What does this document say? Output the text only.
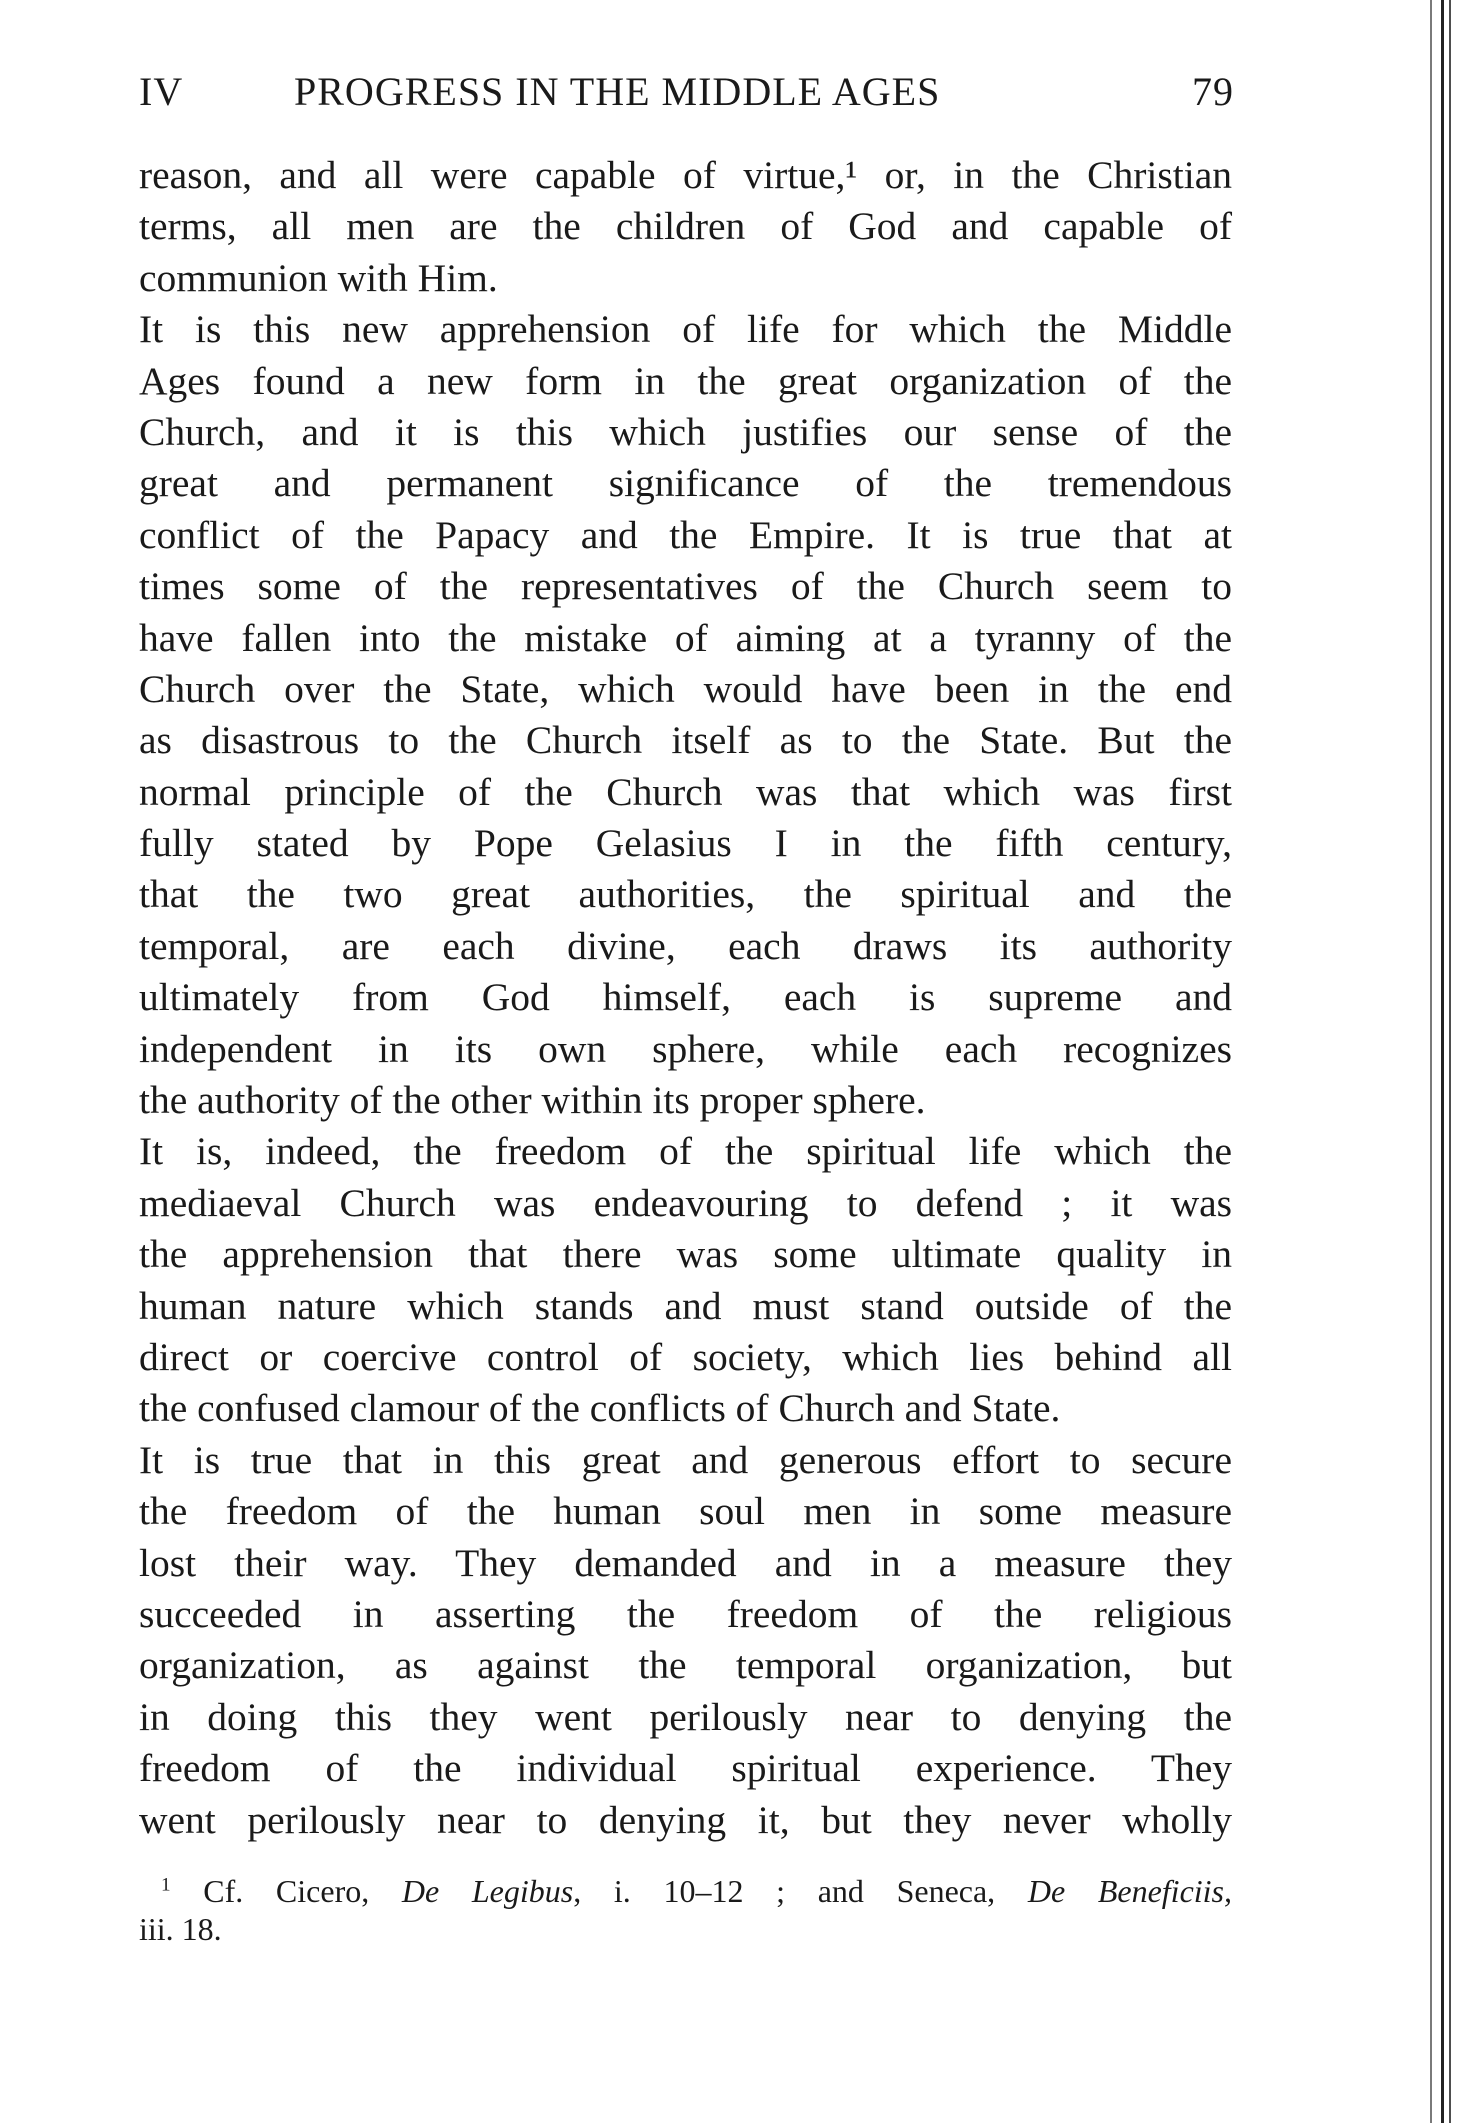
IV	PROGRESS IN THE MIDDLE AGES	79
reason, and all were capable of virtue,¹ or, in the Christian
terms, all men are the children of God and capable of
communion with Him.
It is this new apprehension of life for which the Middle
Ages found a new form in the great organization of the
Church, and it is this which justifies our sense of the
great and permanent significance of the tremendous
conflict of the Papacy and the Empire. It is true that at
times some of the representatives of the Church seem to
have fallen into the mistake of aiming at a tyranny of the
Church over the State, which would have been in the end
as disastrous to the Church itself as to the State. But the
normal principle of the Church was that which was first
fully stated by Pope Gelasius I in the fifth century,
that the two great authorities, the spiritual and the
temporal, are each divine, each draws its authority
ultimately from God himself, each is supreme and
independent in its own sphere, while each recognizes
the authority of the other within its proper sphere.
It is, indeed, the freedom of the spiritual life which the
mediaeval Church was endeavouring to defend ; it was
the apprehension that there was some ultimate quality in
human nature which stands and must stand outside of the
direct or coercive control of society, which lies behind all
the confused clamour of the conflicts of Church and State.
It is true that in this great and generous effort to secure
the freedom of the human soul men in some measure
lost their way. They demanded and in a measure they
succeeded in asserting the freedom of the religious
organization, as against the temporal organization, but
in doing this they went perilously near to denying the
freedom of the individual spiritual experience. They
went perilously near to denying it, but they never wholly
$^1$ Cf. Cicero, De Legibus, i. 10–12 ; and Seneca, De Beneficiis,
iii. 18.
